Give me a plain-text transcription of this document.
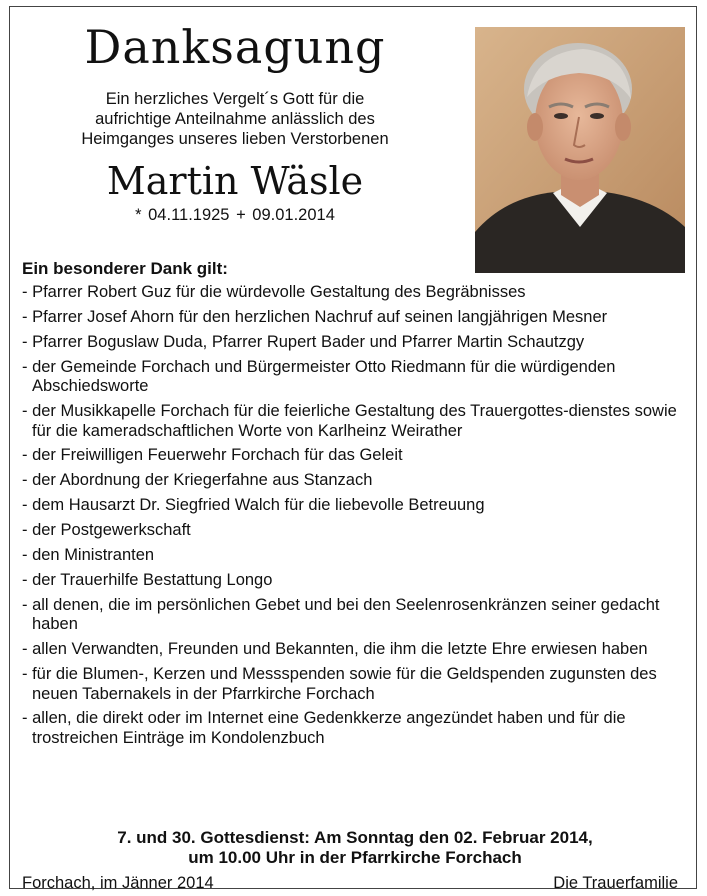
Danksagung
Ein herzliches Vergelt´s Gott für die
aufrichtige Anteilnahme anlässlich des
Heimganges unseres lieben Verstorbenen
Martin Wäsle
* 04.11.1925 + 09.01.2014
Ein besonderer Dank gilt:
- Pfarrer Robert Guz für die würdevolle Gestaltung des Begräbnisses
- Pfarrer Josef Ahorn für den herzlichen Nachruf auf seinen langjährigen Mesner
- Pfarrer Boguslaw Duda, Pfarrer Rupert Bader und Pfarrer Martin Schautzgy
- der Gemeinde Forchach und Bürgermeister Otto Riedmann für die würdigenden Abschiedsworte
- der Musikkapelle Forchach für die feierliche Gestaltung des Trauergottes-dienstes sowie für die kameradschaftlichen Worte von Karlheinz Weirather
- der Freiwilligen Feuerwehr Forchach für das Geleit
- der Abordnung der Kriegerfahne aus Stanzach
- dem Hausarzt Dr. Siegfried Walch für die liebevolle Betreuung
- der Postgewerkschaft
- den Ministranten
- der Trauerhilfe Bestattung Longo
- all denen, die im persönlichen Gebet und bei den Seelenrosenkränzen seiner gedacht haben
- allen Verwandten, Freunden und Bekannten, die ihm die letzte Ehre erwiesen haben
- für die Blumen-, Kerzen und Messspenden sowie für die Geldspenden zugunsten des neuen Tabernakels in der Pfarrkirche Forchach
- allen, die direkt oder im Internet eine Gedenkkerze angezündet haben und für die trostreichen Einträge im Kondolenzbuch
7. und 30. Gottesdienst: Am Sonntag den 02. Februar 2014,
um 10.00 Uhr in der Pfarrkirche Forchach
Forchach, im Jänner 2014	Die Trauerfamilie
